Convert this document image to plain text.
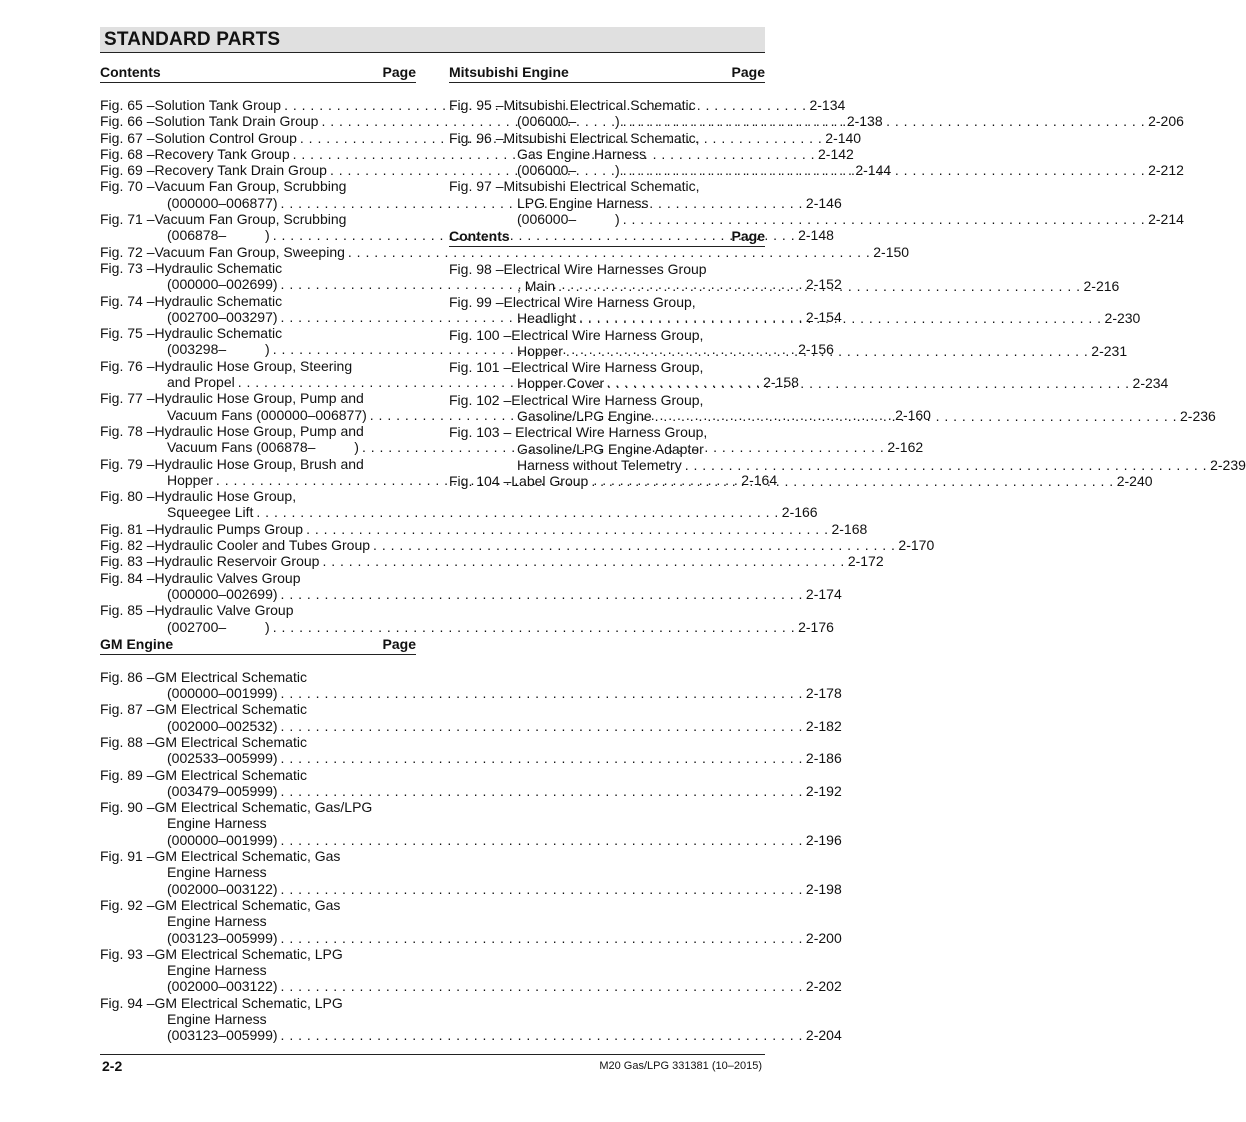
STANDARD PARTS
Contents	Page
Fig. 65 – Solution Tank Group . . .	2-134
Fig. 66 – Solution Tank Drain Group . . .	2-138
Fig. 67 – Solution Control Group . . .	2-140
Fig. 68 – Recovery Tank Group . . .	2-142
Fig. 69 – Recovery Tank Drain Group . . .	2-144
Fig. 70 – Vacuum Fan Group, Scrubbing
(000000–006877) . . .	2-146
Fig. 71 – Vacuum Fan Group, Scrubbing
(006878–          ) . . .	2-148
Fig. 72 – Vacuum Fan Group, Sweeping . . .	2-150
Fig. 73 – Hydraulic Schematic
(000000–002699) . . .	2-152
Fig. 74 – Hydraulic Schematic
(002700–003297) . . .	2-154
Fig. 75 – Hydraulic Schematic
(003298–          ) . . .	2-156
Fig. 76 – Hydraulic Hose Group, Steering
and Propel . . .	2-158
Fig. 77 – Hydraulic Hose Group, Pump and
Vacuum Fans (000000–006877) . . .	2-160
Fig. 78 – Hydraulic Hose Group, Pump and
Vacuum Fans (006878–          ) . . .	2-162
Fig. 79 – Hydraulic Hose Group, Brush and
Hopper . . .	2-164
Fig. 80 – Hydraulic Hose Group,
Squeegee Lift . . .	2-166
Fig. 81 – Hydraulic Pumps Group . . .	2-168
Fig. 82 – Hydraulic Cooler and Tubes Group . . .	2-170
Fig. 83 – Hydraulic Reservoir Group . . .	2-172
Fig. 84 – Hydraulic Valves Group
(000000–002699) . . .	2-174
Fig. 85 – Hydraulic Valve Group
(002700–          ) . . .	2-176
GM Engine	Page
Fig. 86 – GM Electrical Schematic
(000000–001999) . . .	2-178
Fig. 87 – GM Electrical Schematic
(002000–002532) . . .	2-182
Fig. 88 – GM Electrical Schematic
(002533–005999) . . .	2-186
Fig. 89 – GM Electrical Schematic
(003479–005999) . . .	2-192
Fig. 90 – GM Electrical Schematic, Gas/LPG
Engine Harness
(000000–001999) . . .	2-196
Fig. 91 – GM Electrical Schematic, Gas
Engine Harness
(002000–003122) . . .	2-198
Fig. 92 – GM Electrical Schematic, Gas
Engine Harness
(003123–005999) . . .	2-200
Fig. 93 – GM Electrical Schematic, LPG
Engine Harness
(002000–003122) . . .	2-202
Fig. 94 – GM Electrical Schematic, LPG
Engine Harness
(003123–005999) . . .	2-204
Mitsubishi Engine	Page
Fig. 95 – Mitsubishi Electrical Schematic
(006000–          ) . . .	2-206
Fig. 96 – Mitsubishi Electrical Schematic,
Gas Engine Harness
(006000–          ) . . .	2-212
Fig. 97 – Mitsubishi Electrical Schematic,
LPG Engine Harness
(006000–          ) . . .	2-214
Contents	Page
Fig. 98 – Electrical Wire Harnesses Group
, Main . . .	2-216
Fig. 99 – Electrical Wire Harness Group,
Headlight . . .	2-230
Fig. 100 – Electrical Wire Harness Group,
Hopper . . .	2-231
Fig. 101 – Electrical Wire Harness Group,
Hopper Cover . . .	2-234
Fig. 102 – Electrical Wire Harness Group,
Gasoline/LPG Engine . . .	2-236
Fig. 103 – Electrical Wire Harness Group,
Gasoline/LPG Engine Adapter
Harness without Telemetry . . .	2-239
Fig. 104 – Label Group . . .	2-240
2-2	M20 Gas/LPG 331381 (10–2015)
